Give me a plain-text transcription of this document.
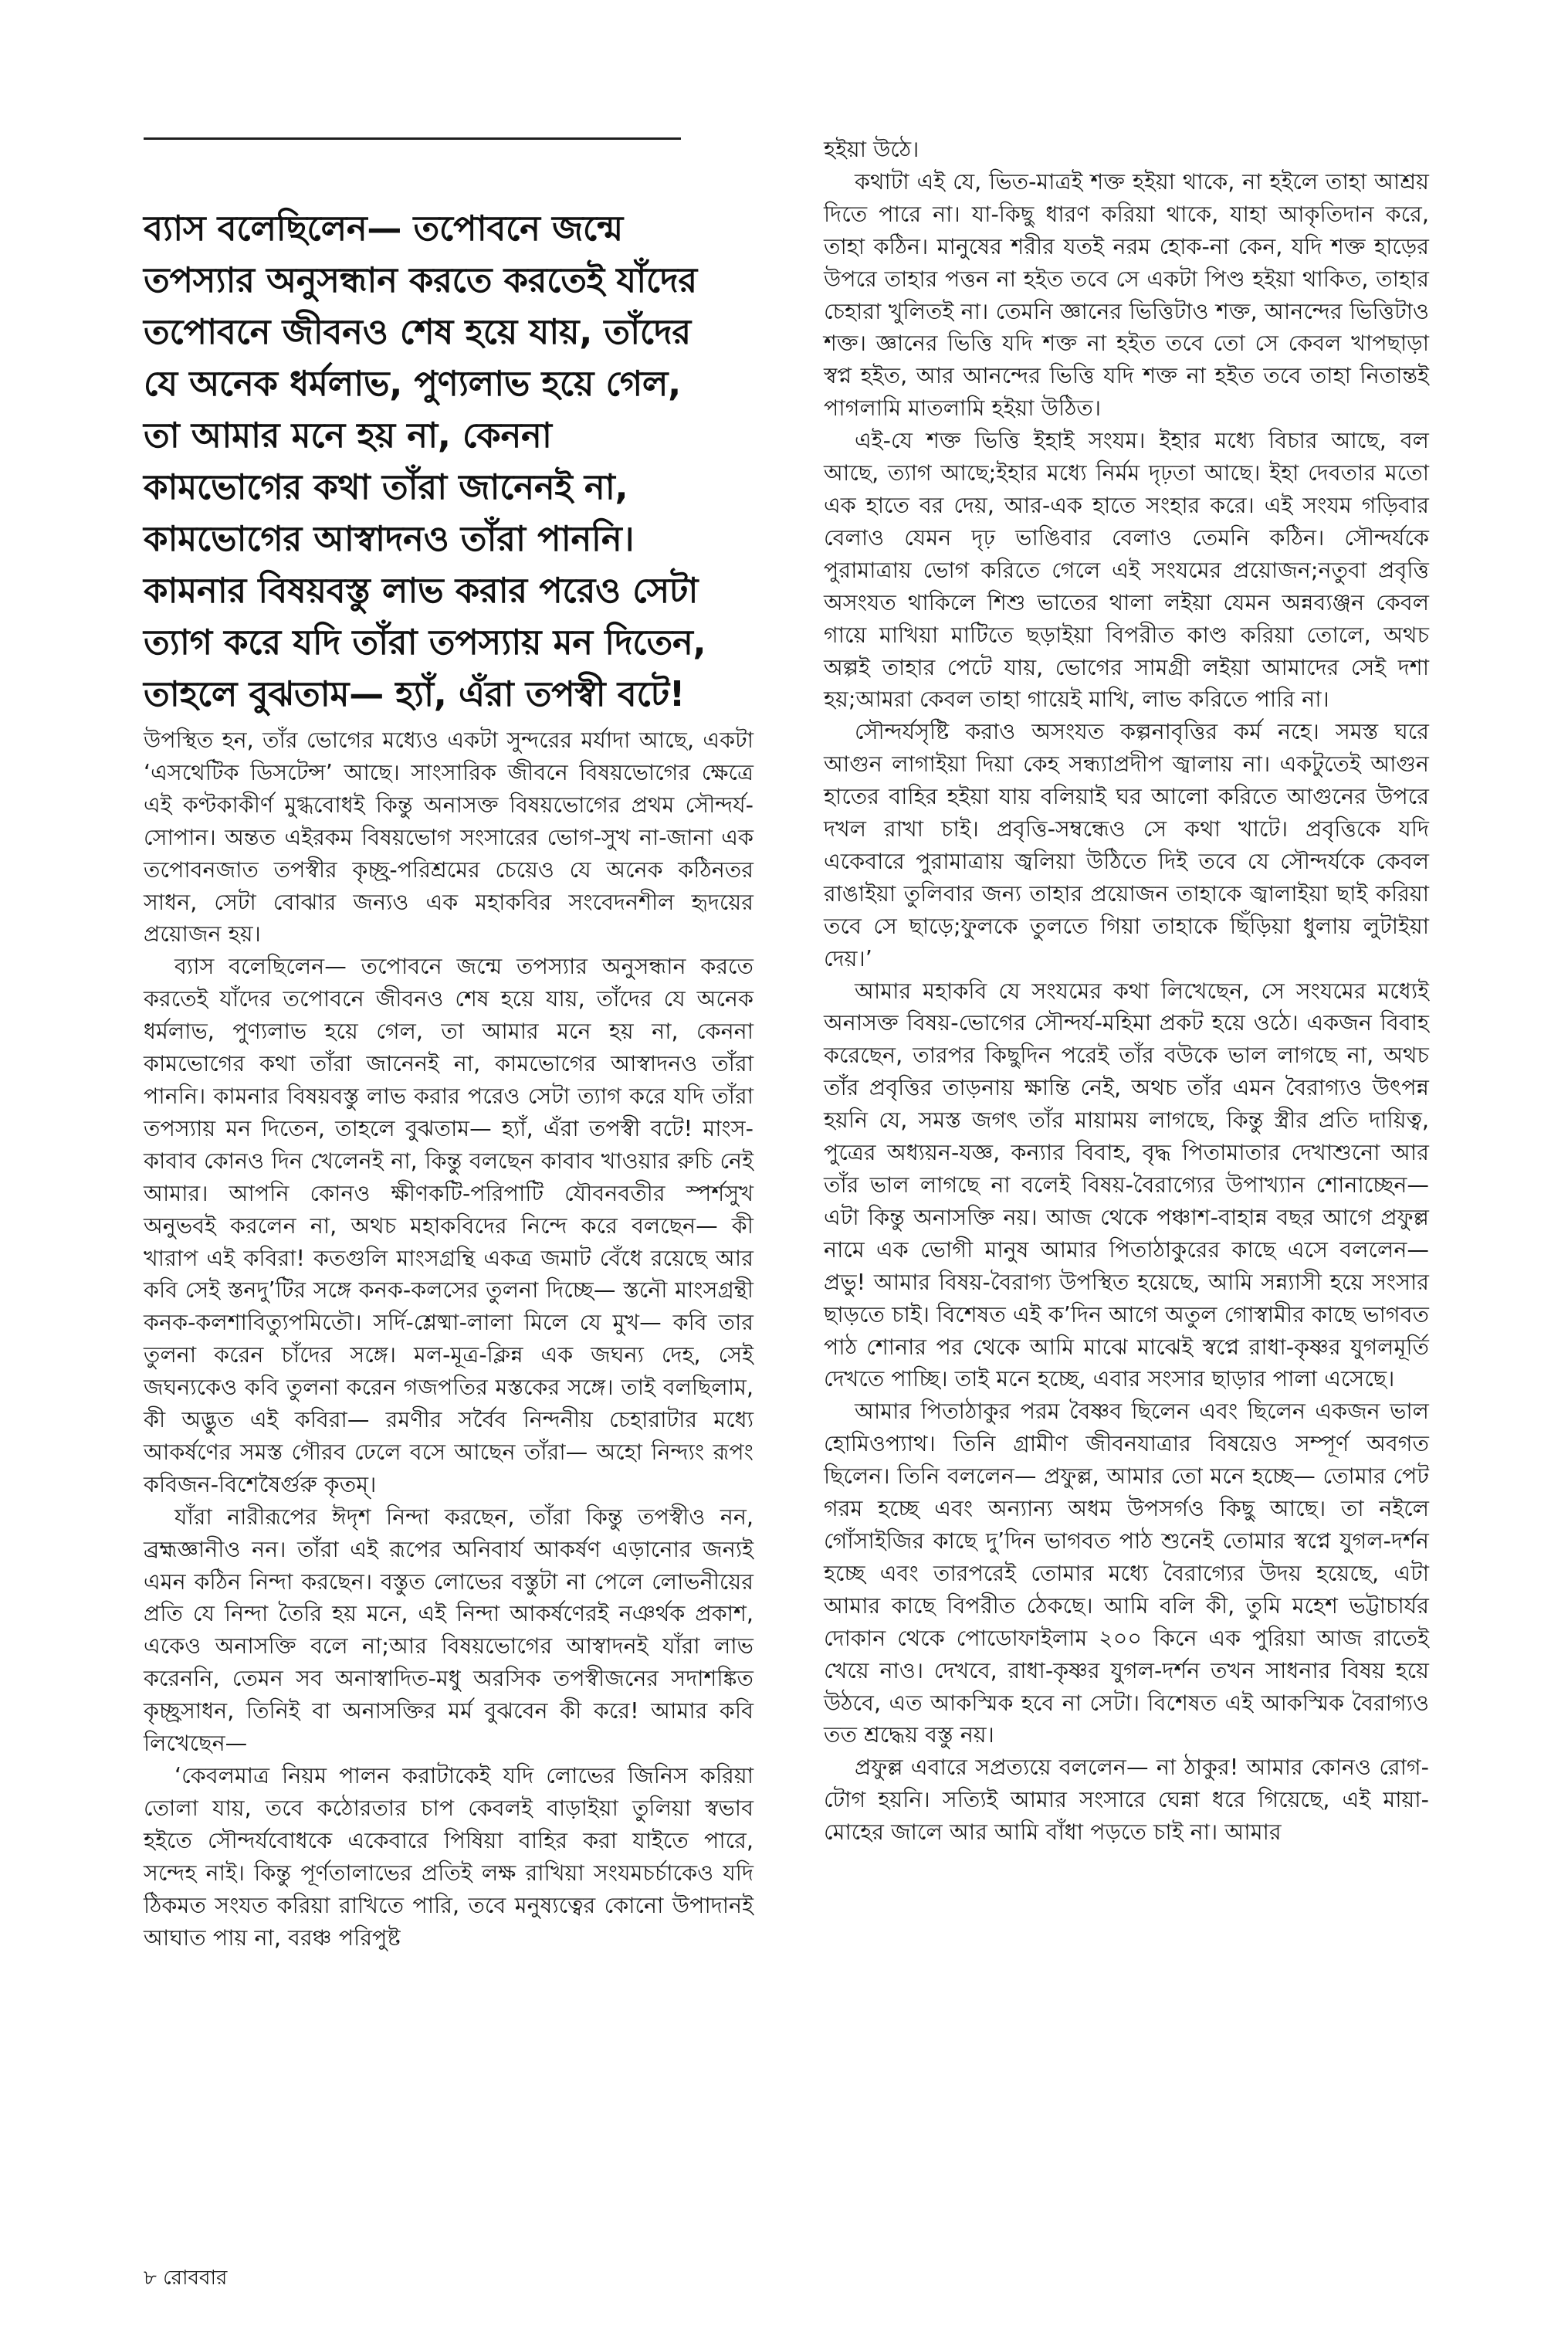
ব্যাস বলেছিলেন— তপোবনে জন্মে তপস্যার অনুসন্ধান করতে করতেই যাঁদের তপোবনে জীবনও শেষ হয়ে যায়, তাঁদের যে অনেক ধর্মলাভ, পুণ্যলাভ হয়ে গেল, তা আমার মনে হয় না, কেননা কামভোগের কথা তাঁরা জানেনই না, কামভোগের আস্বাদনও তাঁরা পাননি। কামনার বিষয়বস্তু লাভ করার পরেও সেটা ত্যাগ করে যদি তাঁরা তপস্যায় মন দিতেন, তাহলে বুঝতাম— হ্যাঁ, এঁরা তপস্বী বটে!

উপস্থিত হন, তাঁর ভোগের মধ্যেও একটা সুন্দরের মর্যাদা আছে, একটা ‘এসথেটিক ডিসটেন্স’ আছে। সাংসারিক জীবনে বিষয়ভোগের ক্ষেত্রে এই কণ্টকাকীর্ণ মুগ্ধবোধই কিন্তু অনাসক্ত বিষয়ভোগের প্রথম সৌন্দর্য-সোপান। অন্তত এইরকম বিষয়ভোগ সংসারের ভোগ-সুখ না-জানা এক তপোবনজাত তপস্বীর কৃচ্ছ্র-পরিশ্রমের চেয়েও যে অনেক কঠিনতর সাধন, সেটা বোঝার জন্যও এক মহাকবির সংবেদনশীল হৃদয়ের প্রয়োজন হয়।

ব্যাস বলেছিলেন— তপোবনে জন্মে তপস্যার অনুসন্ধান করতে করতেই যাঁদের তপোবনে জীবনও শেষ হয়ে যায়, তাঁদের যে অনেক ধর্মলাভ, পুণ্যলাভ হয়ে গেল, তা আমার মনে হয় না, কেননা কামভোগের কথা তাঁরা জানেনই না, কামভোগের আস্বাদনও তাঁরা পাননি। কামনার বিষয়বস্তু লাভ করার পরেও সেটা ত্যাগ করে যদি তাঁরা তপস্যায় মন দিতেন, তাহলে বুঝতাম— হ্যাঁ, এঁরা তপস্বী বটে! মাংস-কাবাব কোনও দিন খেলেনই না, কিন্তু বলছেন কাবাব খাওয়ার রুচি নেই আমার। আপনি কোনও ক্ষীণকটি-পরিপাটি যৌবনবতীর স্পর্শসুখ অনুভবই করলেন না, অথচ মহাকবিদের নিন্দে করে বলছেন— কী খারাপ এই কবিরা! কতগুলি মাংসগ্রন্থি একত্র জমাট বেঁধে রয়েছে আর কবি সেই স্তনদু’টির সঙ্গে কনক-কলসের তুলনা দিচ্ছে— স্তনৌ মাংসগ্রন্থী কনক-কলশাবিত্যুপমিতৌ। সর্দি-শ্লেষ্মা-লালা মিলে যে মুখ— কবি তার তুলনা করেন চাঁদের সঙ্গে। মল-মূত্র-ক্লিন্ন এক জঘন্য দেহ, সেই জঘন্যকেও কবি তুলনা করেন গজপতির মস্তকের সঙ্গে। তাই বলছিলাম, কী অদ্ভুত এই কবিরা— রমণীর সর্বৈব নিন্দনীয় চেহারাটার মধ্যে আকর্ষণের সমস্ত গৌরব ঢেলে বসে আছেন তাঁরা— অহো নিন্দ্যং রূপং কবিজন-বিশেষৈর্গুরু কৃতম্।

যাঁরা নারীরূপের ঈদৃশ নিন্দা করছেন, তাঁরা কিন্তু তপস্বীও নন, ব্রহ্মজ্ঞানীও নন। তাঁরা এই রূপের অনিবার্য আকর্ষণ এড়ানোর জন্যই এমন কঠিন নিন্দা করছেন। বস্তুত লোভের বস্তুটা না পেলে লোভনীয়ের প্রতি যে নিন্দা তৈরি হয় মনে, এই নিন্দা আকর্ষণেরই নঞর্থক প্রকাশ, একেও অনাসক্তি বলে না;আর বিষয়ভোগের আস্বাদনই যাঁরা লাভ করেননি, তেমন সব অনাস্বাদিত-মধু অরসিক তপস্বীজনের সদাশঙ্কিত কৃচ্ছ্রসাধন, তিনিই বা অনাসক্তির মর্ম বুঝবেন কী করে! আমার কবি লিখেছেন—

‘কেবলমাত্র নিয়ম পালন করাটাকেই যদি লোভের জিনিস করিয়া তোলা যায়, তবে কঠোরতার চাপ কেবলই বাড়াইয়া তুলিয়া স্বভাব হইতে সৌন্দর্যবোধকে একেবারে পিষিয়া বাহির করা যাইতে পারে, সন্দেহ নাই। কিন্তু পূর্ণতালাভের প্রতিই লক্ষ রাখিয়া সংযমচর্চাকেও যদি ঠিকমত সংযত করিয়া রাখিতে পারি, তবে মনুষ্যত্বের কোনো উপাদানই আঘাত পায় না, বরঞ্চ পরিপুষ্ট

হইয়া উঠে।

কথাটা এই যে, ভিত-মাত্রই শক্ত হইয়া থাকে, না হইলে তাহা আশ্রয় দিতে পারে না। যা-কিছু ধারণ করিয়া থাকে, যাহা আকৃতিদান করে, তাহা কঠিন। মানুষের শরীর যতই নরম হোক-না কেন, যদি শক্ত হাড়ের উপরে তাহার পত্তন না হইত তবে সে একটা পিণ্ড হইয়া থাকিত, তাহার চেহারা খুলিতই না। তেমনি জ্ঞানের ভিত্তিটাও শক্ত, আনন্দের ভিত্তিটাও শক্ত। জ্ঞানের ভিত্তি যদি শক্ত না হইত তবে তো সে কেবল খাপছাড়া স্বপ্ন হইত, আর আনন্দের ভিত্তি যদি শক্ত না হইত তবে তাহা নিতান্তই পাগলামি মাতলামি হইয়া উঠিত।

এই-যে শক্ত ভিত্তি ইহাই সংযম। ইহার মধ্যে বিচার আছে, বল আছে, ত্যাগ আছে;ইহার মধ্যে নির্মম দৃঢ়তা আছে। ইহা দেবতার মতো এক হাতে বর দেয়, আর-এক হাতে সংহার করে। এই সংযম গড়িবার বেলাও যেমন দৃঢ় ভাঙিবার বেলাও তেমনি কঠিন। সৌন্দর্যকে পুরামাত্রায় ভোগ করিতে গেলে এই সংযমের প্রয়োজন;নতুবা প্রবৃত্তি অসংযত থাকিলে শিশু ভাতের থালা লইয়া যেমন অন্নব্যঞ্জন কেবল গায়ে মাখিয়া মাটিতে ছড়াইয়া বিপরীত কাণ্ড করিয়া তোলে, অথচ অল্পই তাহার পেটে যায়, ভোগের সামগ্রী লইয়া আমাদের সেই দশা হয়;আমরা কেবল তাহা গায়েই মাখি, লাভ করিতে পারি না।

সৌন্দর্যসৃষ্টি করাও অসংযত কল্পনাবৃত্তির কর্ম নহে। সমস্ত ঘরে আগুন লাগাইয়া দিয়া কেহ সন্ধ্যাপ্রদীপ জ্বালায় না। একটুতেই আগুন হাতের বাহির হইয়া যায় বলিয়াই ঘর আলো করিতে আগুনের উপরে দখল রাখা চাই। প্রবৃত্তি-সম্বন্ধেও সে কথা খাটে। প্রবৃত্তিকে যদি একেবারে পুরামাত্রায় জ্বলিয়া উঠিতে দিই তবে যে সৌন্দর্যকে কেবল রাঙাইয়া তুলিবার জন্য তাহার প্রয়োজন তাহাকে জ্বালাইয়া ছাই করিয়া তবে সে ছাড়ে;ফুলকে তুলতে গিয়া তাহাকে ছিঁড়িয়া ধুলায় লুটাইয়া দেয়।’

আমার মহাকবি যে সংযমের কথা লিখেছেন, সে সংযমের মধ্যেই অনাসক্ত বিষয়-ভোগের সৌন্দর্য-মহিমা প্রকট হয়ে ওঠে। একজন বিবাহ করেছেন, তারপর কিছুদিন পরেই তাঁর বউকে ভাল লাগছে না, অথচ তাঁর প্রবৃত্তির তাড়নায় ক্ষান্তি নেই, অথচ তাঁর এমন বৈরাগ্যও উৎপন্ন হয়নি যে, সমস্ত জগৎ তাঁর মায়াময় লাগছে, কিন্তু স্ত্রীর প্রতি দায়িত্ব, পুত্রের অধ্যয়ন-যজ্ঞ, কন্যার বিবাহ, বৃদ্ধ পিতামাতার দেখাশুনো আর তাঁর ভাল লাগছে না বলেই বিষয়-বৈরাগ্যের উপাখ্যান শোনাচ্ছেন— এটা কিন্তু অনাসক্তি নয়। আজ থেকে পঞ্চাশ-বাহান্ন বছর আগে প্রফুল্ল নামে এক ভোগী মানুষ আমার পিতাঠাকুরের কাছে এসে বললেন— প্রভু! আমার বিষয়-বৈরাগ্য উপস্থিত হয়েছে, আমি সন্ন্যাসী হয়ে সংসার ছাড়তে চাই। বিশেষত এই ক’দিন আগে অতুল গোস্বামীর কাছে ভাগবত পাঠ শোনার পর থেকে আমি মাঝে মাঝেই স্বপ্নে রাধা-কৃষ্ণর যুগলমূর্তি দেখতে পাচ্ছি। তাই মনে হচ্ছে, এবার সংসার ছাড়ার পালা এসেছে।

আমার পিতাঠাকুর পরম বৈষ্ণব ছিলেন এবং ছিলেন একজন ভাল হোমিওপ্যাথ। তিনি গ্রামীণ জীবনযাত্রার বিষয়েও সম্পূর্ণ অবগত ছিলেন। তিনি বললেন— প্রফুল্ল, আমার তো মনে হচ্ছে— তোমার পেট গরম হচ্ছে এবং অন্যান্য অধম উপসর্গও কিছু আছে। তা নইলে গোঁসাইজির কাছে দু’দিন ভাগবত পাঠ শুনেই তোমার স্বপ্নে যুগল-দর্শন হচ্ছে এবং তারপরেই তোমার মধ্যে বৈরাগ্যের উদয় হয়েছে, এটা আমার কাছে বিপরীত ঠেকছে। আমি বলি কী, তুমি মহেশ ভট্টাচার্যর দোকান থেকে পোডোফাইলাম ২০০ কিনে এক পুরিয়া আজ রাতেই খেয়ে নাও। দেখবে, রাধা-কৃষ্ণর যুগল-দর্শন তখন সাধনার বিষয় হয়ে উঠবে, এত আকস্মিক হবে না সেটা। বিশেষত এই আকস্মিক বৈরাগ্যও তত শ্রদ্ধেয় বস্তু নয়।

প্রফুল্ল এবারে সপ্রত্যয়ে বললেন— না ঠাকুর! আমার কোনও রোগ-টোগ হয়নি। সত্যিই আমার সংসারে ঘেন্না ধরে গিয়েছে, এই মায়া-মোহের জালে আর আমি বাঁধা পড়তে চাই না। আমার

৮ রোববার
